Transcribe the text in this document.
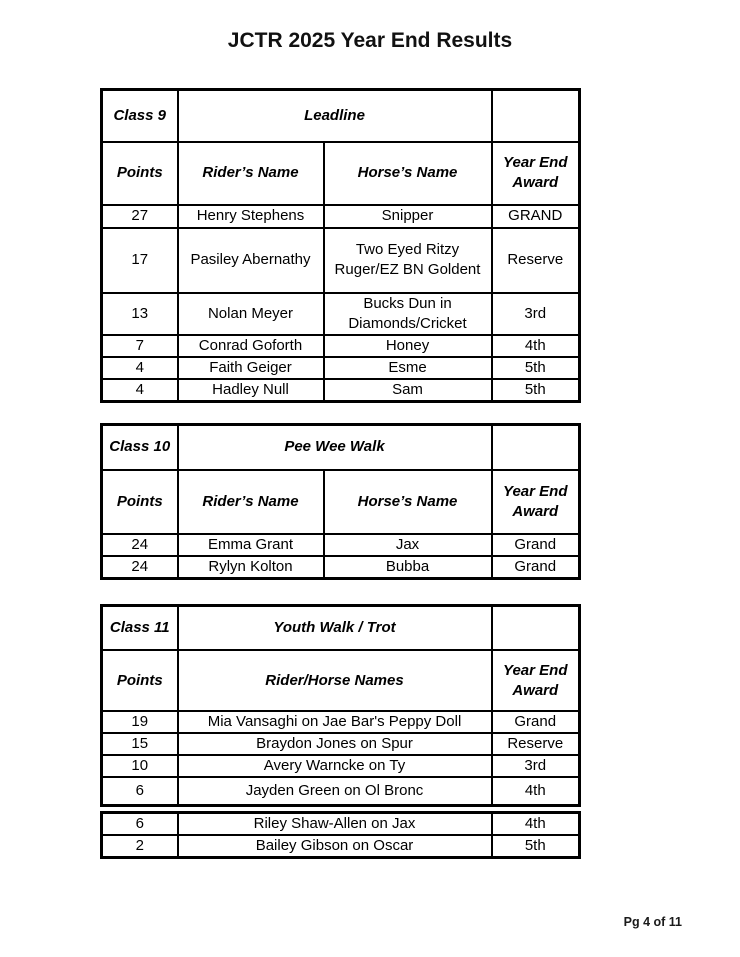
JCTR 2025 Year End Results
Class 9	Leadline		
Points	Rider’s Name	Horse’s Name	Year End Award
27	Henry Stephens	Snipper	GRAND
17	Pasiley Abernathy	Two Eyed Ritzy Ruger/EZ BN Goldent	Reserve
13	Nolan Meyer	Bucks Dun in Diamonds/Cricket	3rd
7	Conrad Goforth	Honey	4th
4	Faith Geiger	Esme	5th
4	Hadley Null	Sam	5th
Class 10	Pee Wee Walk		
Points	Rider’s Name	Horse’s Name	Year End Award
24	Emma Grant	Jax	Grand
24	Rylyn Kolton	Bubba	Grand
Class 11	Youth Walk / Trot	
Points	Rider/Horse Names	Year End Award
19	Mia Vansaghi on Jae Bar's Peppy Doll	Grand
15	Braydon Jones on Spur	Reserve
10	Avery Warncke on Ty	3rd
6	Jayden Green on Ol Bronc	4th
6	Riley Shaw-Allen on Jax	4th
2	Bailey Gibson on Oscar	5th
Pg 4 of 11
